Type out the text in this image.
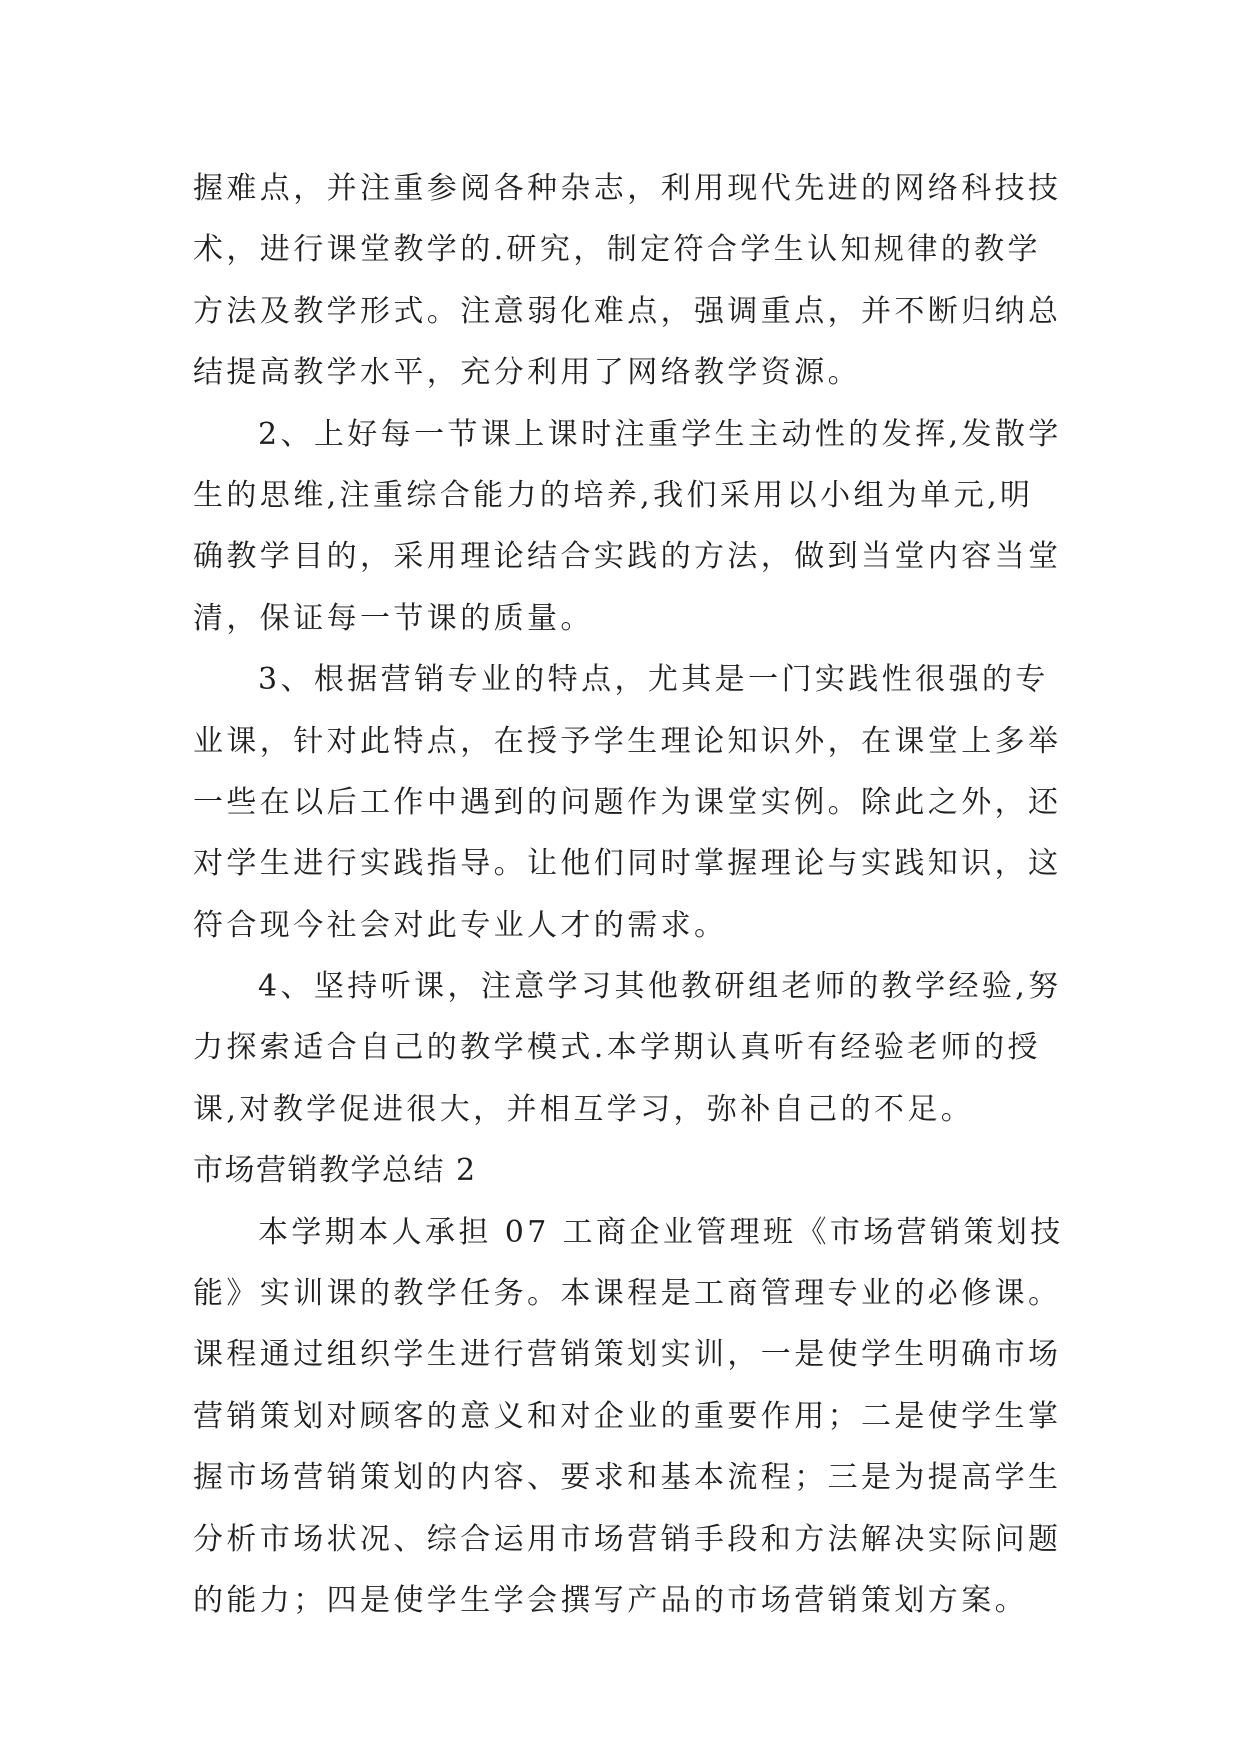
握难点，并注重参阅各种杂志，利用现代先进的网络科技技
术，进行课堂教学的.研究，制定符合学生认知规律的教学
方法及教学形式。注意弱化难点，强调重点，并不断归纳总
结提高教学水平，充分利用了网络教学资源。
2、上好每一节课上课时注重学生主动性的发挥,发散学
生的思维,注重综合能力的培养,我们采用以小组为单元,明
确教学目的，采用理论结合实践的方法，做到当堂内容当堂
清，保证每一节课的质量。
3、根据营销专业的特点，尤其是一门实践性很强的专
业课，针对此特点，在授予学生理论知识外，在课堂上多举
一些在以后工作中遇到的问题作为课堂实例。除此之外，还
对学生进行实践指导。让他们同时掌握理论与实践知识，这
符合现今社会对此专业人才的需求。
4、坚持听课，注意学习其他教研组老师的教学经验,努
力探索适合自己的教学模式.本学期认真听有经验老师的授
课,对教学促进很大，并相互学习，弥补自己的不足。
市场营销教学总结 2
本学期本人承担 07 工商企业管理班《市场营销策划技
能》实训课的教学任务。本课程是工商管理专业的必修课。
课程通过组织学生进行营销策划实训，一是使学生明确市场
营销策划对顾客的意义和对企业的重要作用；二是使学生掌
握市场营销策划的内容、要求和基本流程；三是为提高学生
分析市场状况、综合运用市场营销手段和方法解决实际问题
的能力；四是使学生学会撰写产品的市场营销策划方案。
